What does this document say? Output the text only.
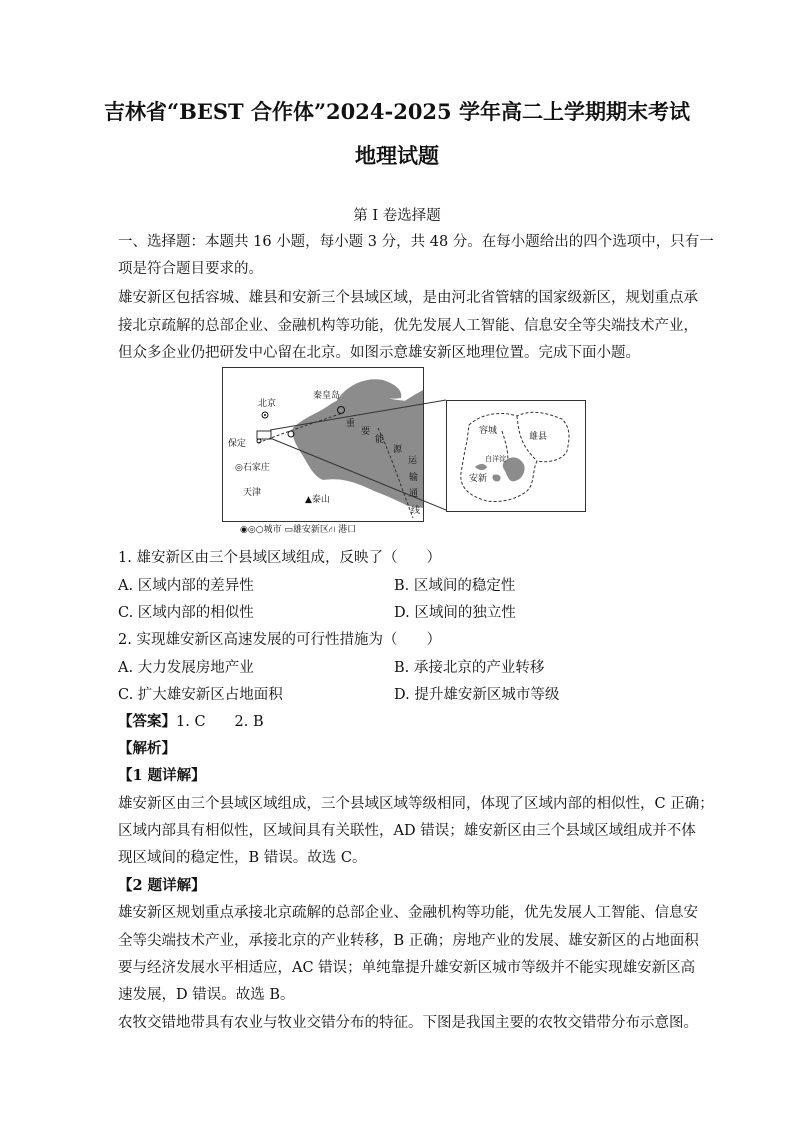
吉林省“BEST 合作体”2024-2025 学年高二上学期期末考试
地理试题
第 I 卷选择题
一、选择题：本题共 16 小题，每小题 3 分，共 48 分。在每小题给出的四个选项中，只有一
项是符合题目要求的。
雄安新区包括容城、雄县和安新三个县域区域，是由河北省管辖的国家级新区，规划重点承
接北京疏解的总部企业、金融机构等功能，优先发展人工智能、信息安全等尖端技术产业，
但众多企业仍把研发中心留在北京。如图示意雄安新区地理位置。完成下面小题。
北京
秦皇岛
保定
◎石家庄
天津
▲泰山
重
要
能
源
运
输
通
线
容城
雄县
白洋淀
安新
◉◎○城市 ▭雄安新区⛙ 港口
1. 雄安新区由三个县域区域组成，反映了（　　）
A. 区域内部的差异性	B. 区域间的稳定性
C. 区域内部的相似性	D. 区域间的独立性
2. 实现雄安新区高速发展的可行性措施为（　　）
A. 大力发展房地产业	B. 承接北京的产业转移
C. 扩大雄安新区占地面积	D. 提升雄安新区城市等级
【答案】1. C　　2. B
【解析】
【1 题详解】
雄安新区由三个县域区域组成，三个县域区域等级相同，体现了区域内部的相似性，C 正确；
区域内部具有相似性，区域间具有关联性，AD 错误；雄安新区由三个县域区域组成并不体
现区域间的稳定性，B 错误。故选 C。
【2 题详解】
雄安新区规划重点承接北京疏解的总部企业、金融机构等功能，优先发展人工智能、信息安
全等尖端技术产业，承接北京的产业转移，B 正确；房地产业的发展、雄安新区的占地面积
要与经济发展水平相适应，AC 错误；单纯靠提升雄安新区城市等级并不能实现雄安新区高
速发展，D 错误。故选 B。
农牧交错地带具有农业与牧业交错分布的特征。下图是我国主要的农牧交错带分布示意图。
